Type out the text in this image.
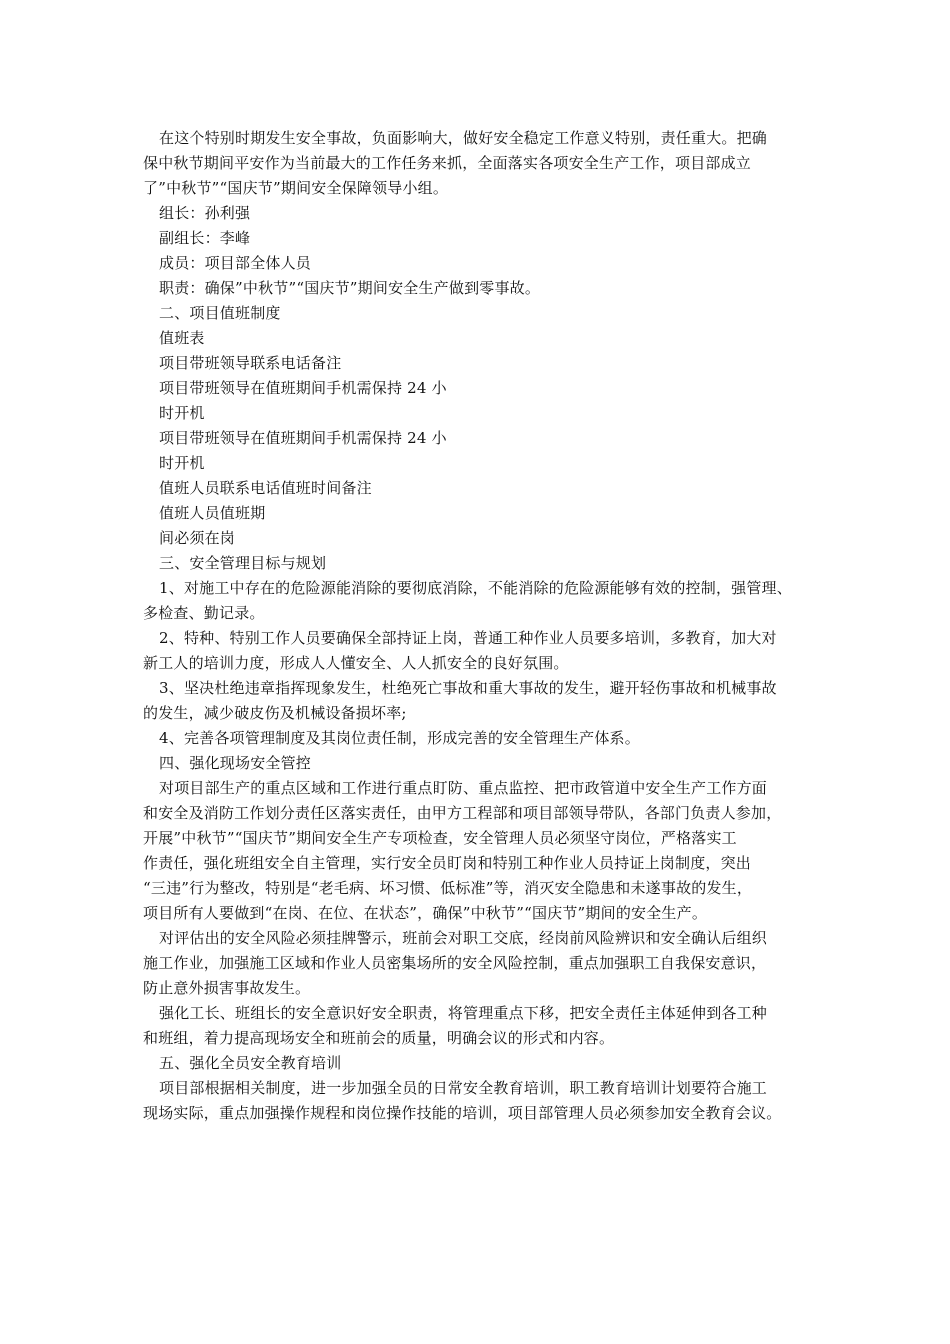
在这个特别时期发生安全事故，负面影响大，做好安全稳定工作意义特别，责任重大。把确
保中秋节期间平安作为当前最大的工作任务来抓，全面落实各项安全生产工作，项目部成立
了”中秋节”“国庆节”期间安全保障领导小组。
组长：孙利强
副组长：李峰
成员：项目部全体人员
职责：确保”中秋节”“国庆节”期间安全生产做到零事故。
二、项目值班制度
值班表
项目带班领导联系电话备注
项目带班领导在值班期间手机需保持 24 小
时开机
项目带班领导在值班期间手机需保持 24 小
时开机
值班人员联系电话值班时间备注
值班人员值班期
间必须在岗
三、安全管理目标与规划
1、对施工中存在的危险源能消除的要彻底消除，不能消除的危险源能够有效的控制，强管理、
多检查、勤记录。
2、特种、特别工作人员要确保全部持证上岗，普通工种作业人员要多培训，多教育，加大对
新工人的培训力度，形成人人懂安全、人人抓安全的良好氛围。
3、坚决杜绝违章指挥现象发生，杜绝死亡事故和重大事故的发生，避开轻伤事故和机械事故
的发生，减少破皮伤及机械设备损坏率;
4、完善各项管理制度及其岗位责任制，形成完善的安全管理生产体系。
四、强化现场安全管控
对项目部生产的重点区域和工作进行重点盯防、重点监控、把市政管道中安全生产工作方面
和安全及消防工作划分责任区落实责任，由甲方工程部和项目部领导带队，各部门负责人参加，
开展”中秋节”“国庆节”期间安全生产专项检查，安全管理人员必须坚守岗位，严格落实工
作责任，强化班组安全自主管理，实行安全员盯岗和特别工种作业人员持证上岗制度，突出
“三违”行为整改，特别是“老毛病、坏习惯、低标准”等，消灭安全隐患和未遂事故的发生，
项目所有人要做到“在岗、在位、在状态”，确保”中秋节”“国庆节”期间的安全生产。
对评估出的安全风险必须挂牌警示，班前会对职工交底，经岗前风险辨识和安全确认后组织
施工作业，加强施工区域和作业人员密集场所的安全风险控制，重点加强职工自我保安意识，
防止意外损害事故发生。
强化工长、班组长的安全意识好安全职责，将管理重点下移，把安全责任主体延伸到各工种
和班组，着力提高现场安全和班前会的质量，明确会议的形式和内容。
五、强化全员安全教育培训
项目部根据相关制度，进一步加强全员的日常安全教育培训，职工教育培训计划要符合施工
现场实际，重点加强操作规程和岗位操作技能的培训，项目部管理人员必须参加安全教育会议。
